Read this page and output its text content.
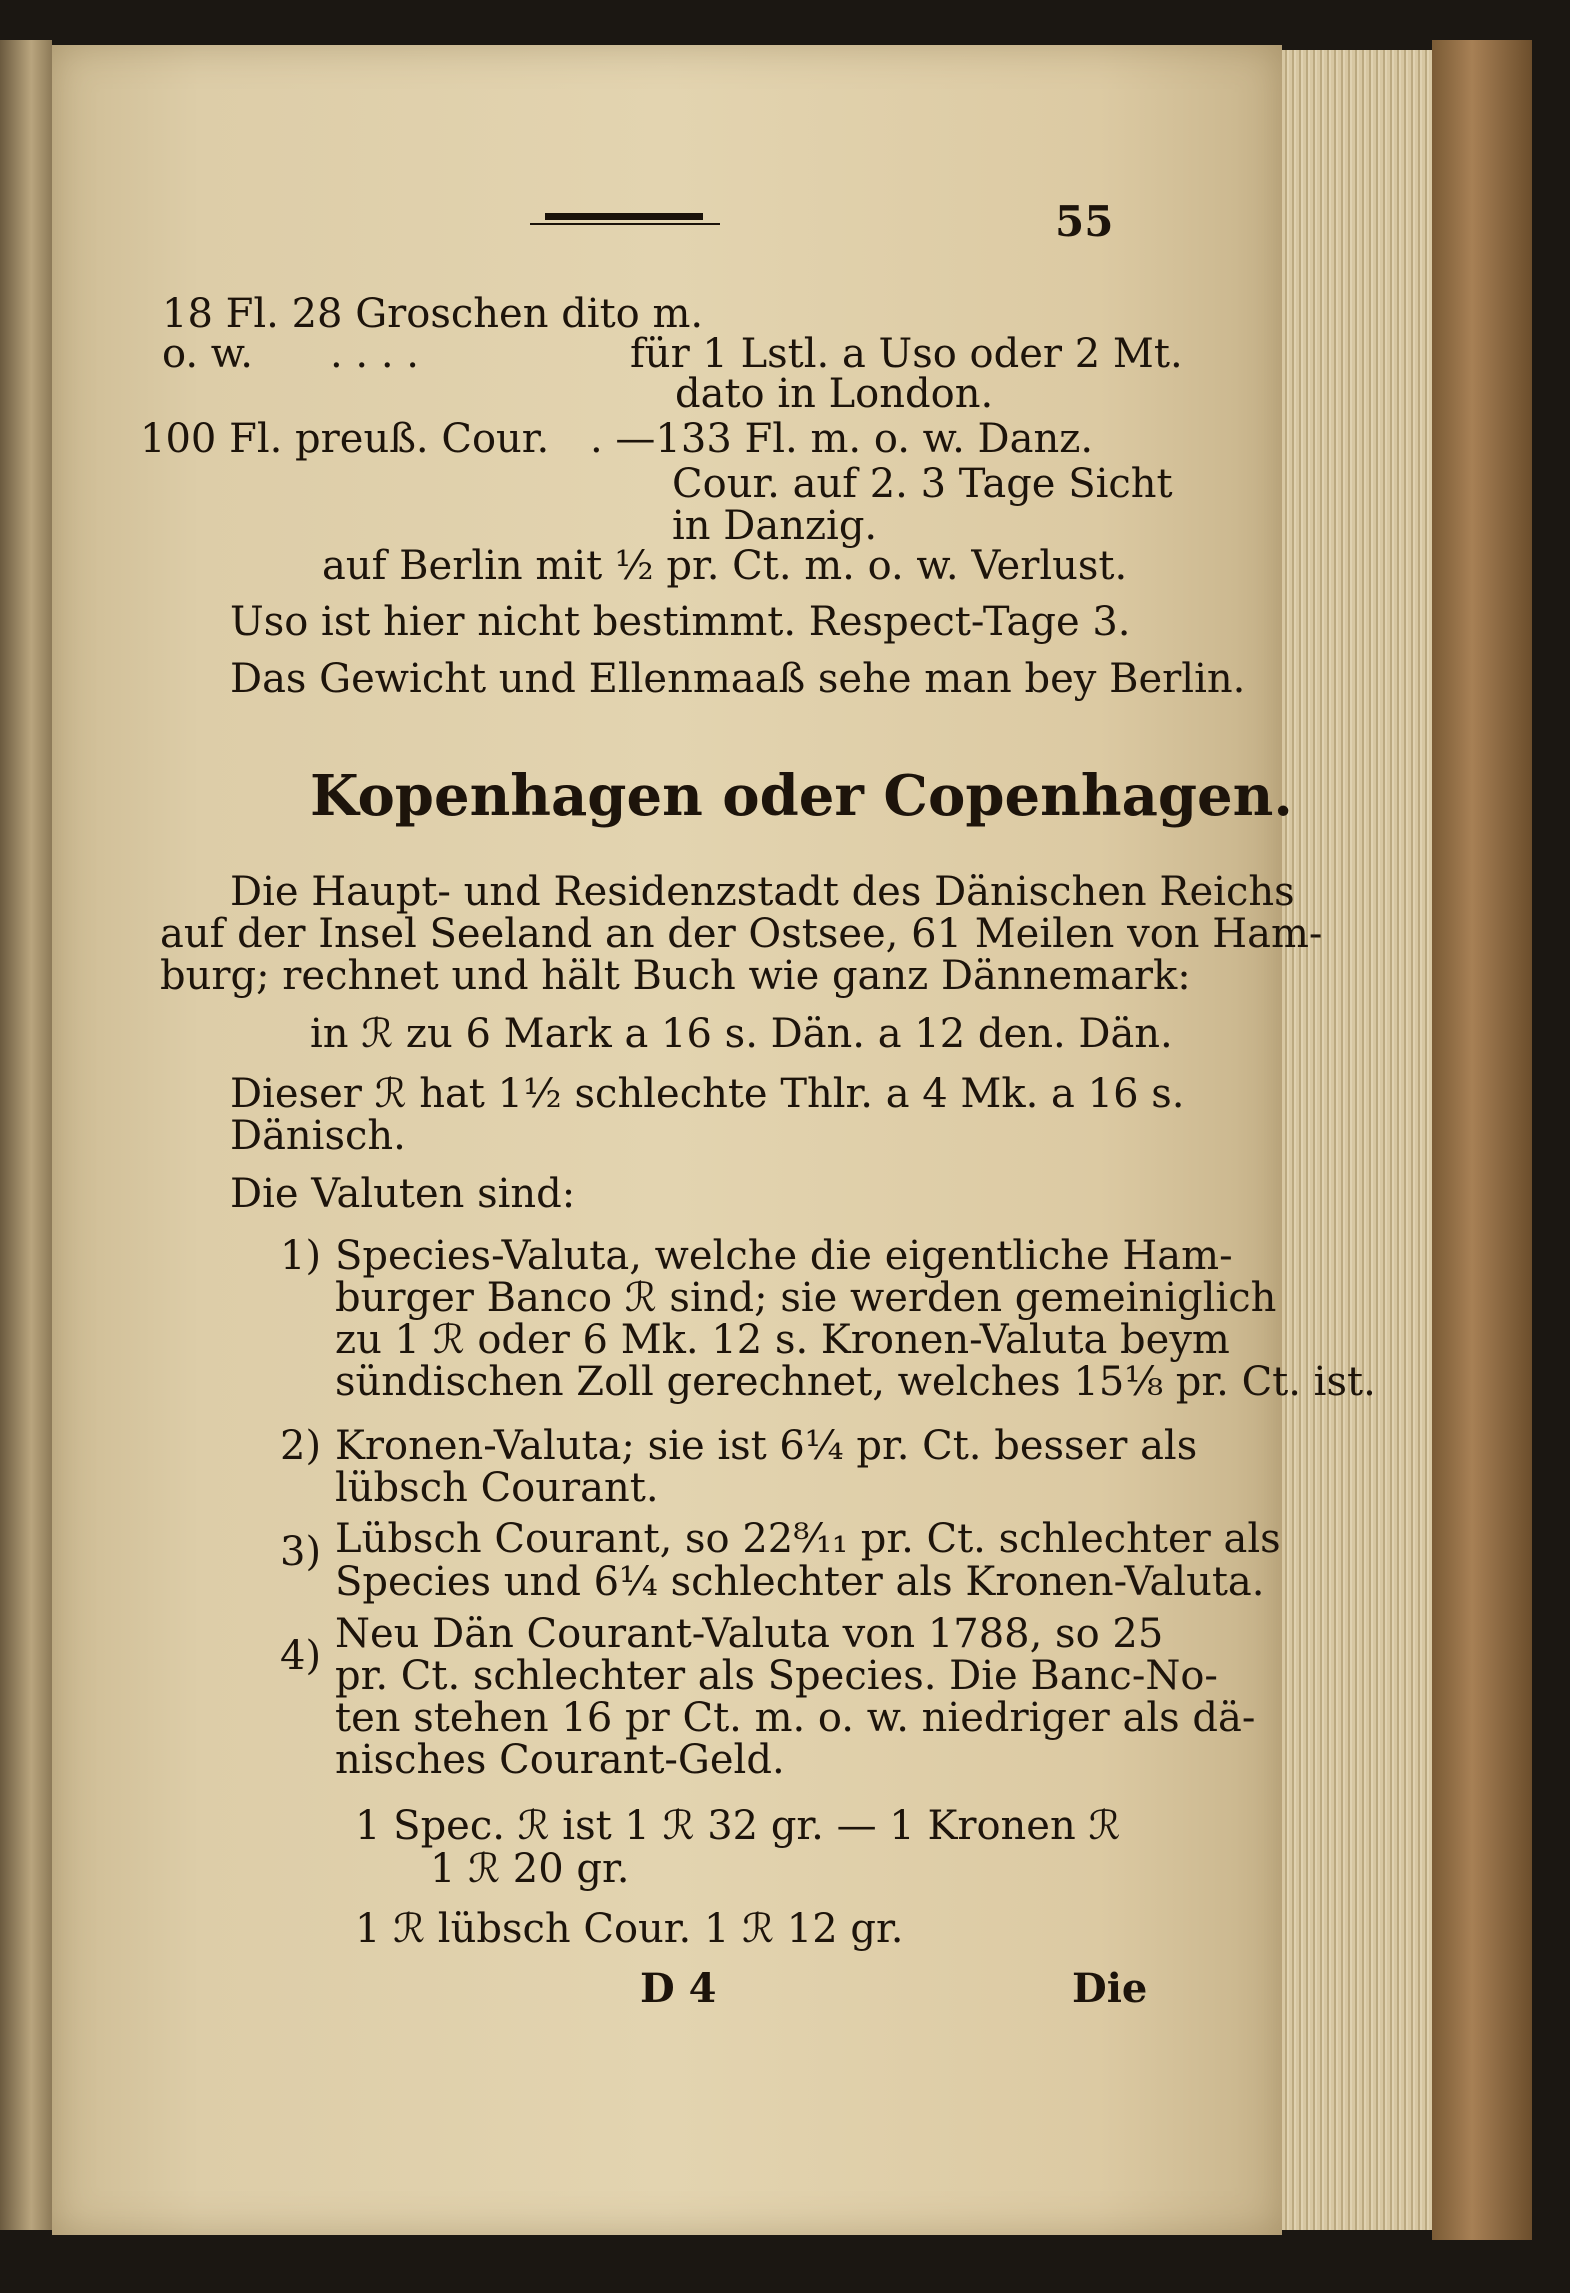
55
18 Fl. 28 Groschen dito m.
o. w. . . . .	für 1 Lstl. a Uso oder 2 Mt.
dato in London.
100 Fl. preuß. Cour. . —133 Fl. m. o. w. Danz.
Cour. auf 2. 3 Tage Sicht
in Danzig.
auf Berlin mit ½ pr. Ct. m. o. w. Verlust.
Uso ist hier nicht bestimmt. Respect-Tage 3.
Das Gewicht und Ellenmaaß sehe man bey Berlin.
Kopenhagen oder Copenhagen.
Die Haupt- und Residenzstadt des Dänischen Reichs
auf der Insel Seeland an der Ostsee, 61 Meilen von Ham-
burg; rechnet und hält Buch wie ganz Dännemark:
in ℛ zu 6 Mark a 16 s. Dän. a 12 den. Dän.
Dieser ℛ hat 1½ schlechte Thlr. a 4 Mk. a 16 s.
Dänisch.
Die Valuten sind:
1) Species-Valuta, welche die eigentliche Ham-
burger Banco ℛ sind; sie werden gemeiniglich
zu 1 ℛ oder 6 Mk. 12 s. Kronen-Valuta beym
sündischen Zoll gerechnet, welches 15⅛ pr. Ct. ist.
2) Kronen-Valuta; sie ist 6¼ pr. Ct. besser als
lübsch Courant.
3) Lübsch Courant, so 22⁸⁄₁₁ pr. Ct. schlechter als
Species und 6¼ schlechter als Kronen-Valuta.
4) Neu Dän Courant-Valuta von 1788, so 25
pr. Ct. schlechter als Species. Die Banc-No-
ten stehen 16 pr Ct. m. o. w. niedriger als dä-
nisches Courant-Geld.
1 Spec. ℛ ist 1 ℛ 32 gr. — 1 Kronen ℛ
1 ℛ 20 gr.
1 ℛ lübsch Cour. 1 ℛ 12 gr.
D 4	Die
